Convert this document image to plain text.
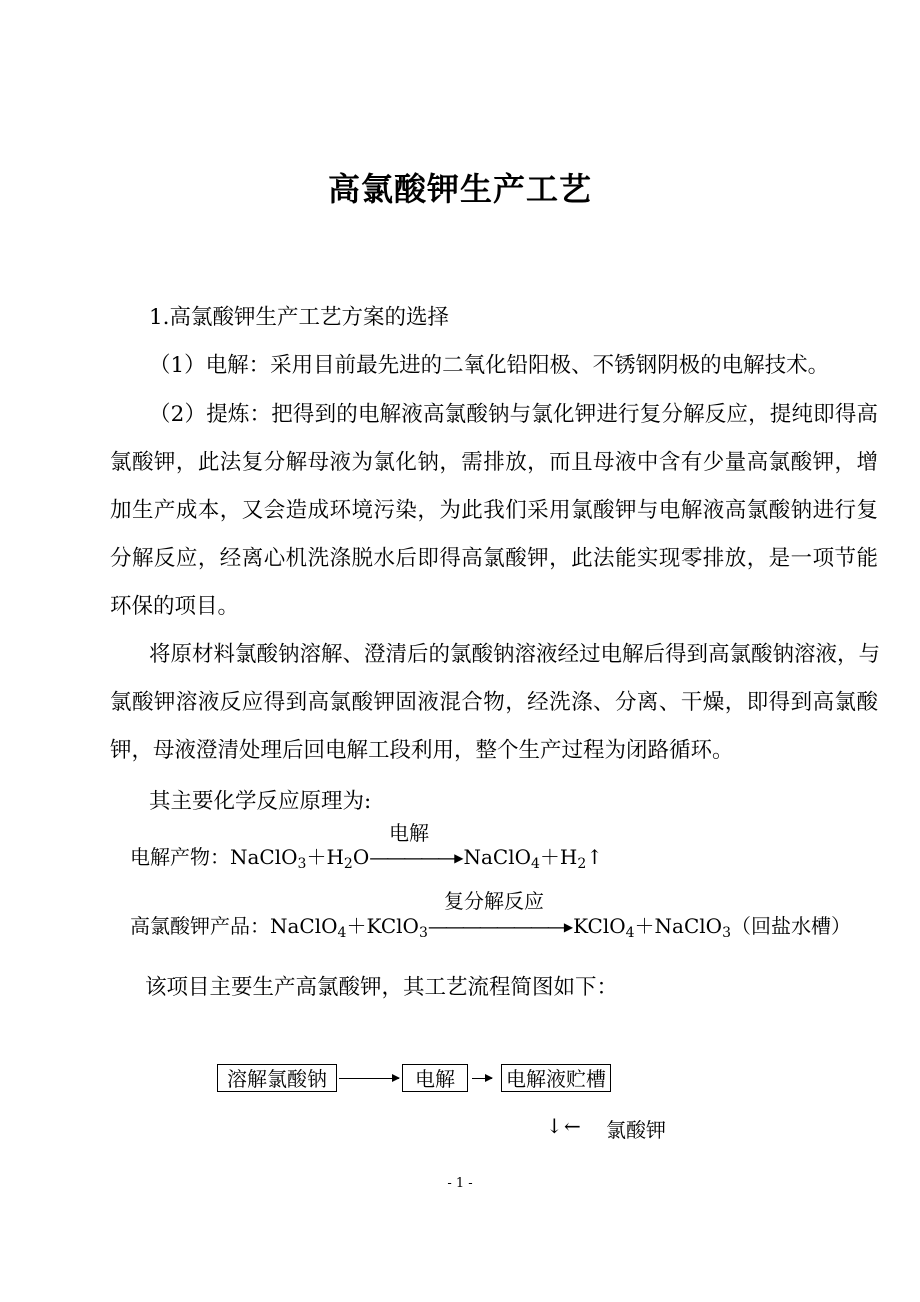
高氯酸钾生产工艺
1.高氯酸钾生产工艺方案的选择
（1）电解：采用目前最先进的二氧化铅阳极、不锈钢阴极的电解技术。
（2）提炼：把得到的电解液高氯酸钠与氯化钾进行复分解反应，提纯即得高
氯酸钾，此法复分解母液为氯化钠，需排放，而且母液中含有少量高氯酸钾，增
加生产成本，又会造成环境污染，为此我们采用氯酸钾与电解液高氯酸钠进行复
分解反应，经离心机洗涤脱水后即得高氯酸钾，此法能实现零排放，是一项节能
环保的项目。
将原材料氯酸钠溶解、澄清后的氯酸钠溶液经过电解后得到高氯酸钠溶液，与
氯酸钾溶液反应得到高氯酸钾固液混合物，经洗涤、分离、干燥，即得到高氯酸
钾，母液澄清处理后回电解工段利用，整个生产过程为闭路循环。
其主要化学反应原理为:
电解
电解产物：$NaClO_3+H_2O—————▶NaClO_4+H_2↑$
复分解反应
高氯酸钾产品：NaClO$_4$＋KClO$_3$————————▶KClO$_4$＋NaClO$_3$（回盐水槽）
该项目主要生产高氯酸钾，其工艺流程简图如下：
溶解氯酸钠	电解	电解液贮槽
↓ ← 氯酸钾
- 1 -
